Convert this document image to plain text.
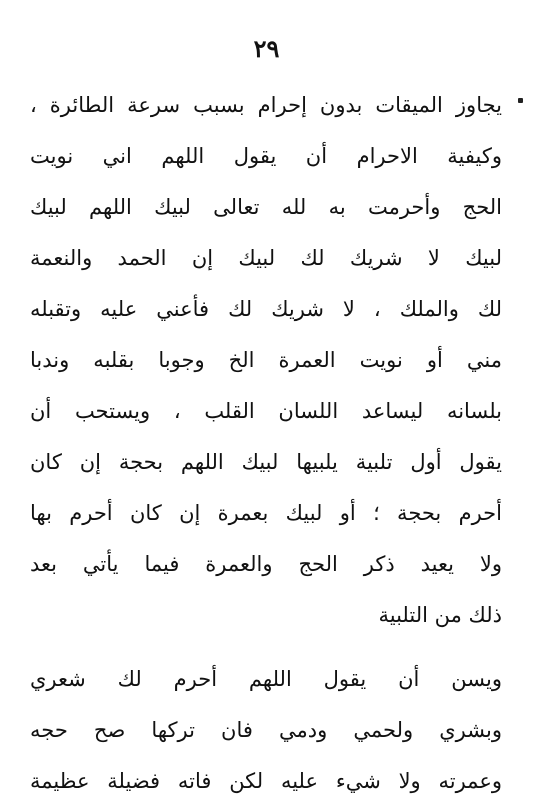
٢٩
يجاوز الميقات بدون إحرام بسبب سرعة الطائرة ،
وكيفية الاحرام أن يقول اللهم اني نويت
الحج وأحرمت به لله تعالى لبيك اللهم لبيك
لبيك لا شريك لك لبيك إن الحمد والنعمة
لك والملك ، لا شريك لك فأعني عليه وتقبله
مني أو نويت العمرة الخ وجوبا بقلبه وندبا
بلسانه ليساعد اللسان القلب ، ويستحب أن
يقول أول تلبية يلبيها لبيك اللهم بحجة إن كان
أحرم بحجة ؛ أو لبيك بعمرة إن كان أحرم بها
ولا يعيد ذكر الحج والعمرة فيما يأتي بعد
ذلك من التلبية
ويسن أن يقول اللهم أحرم لك شعري
وبشري ولحمي ودمي فان تركها صح حجه
وعمرته ولا شيء عليه لكن فاته فضيلة عظيمة
